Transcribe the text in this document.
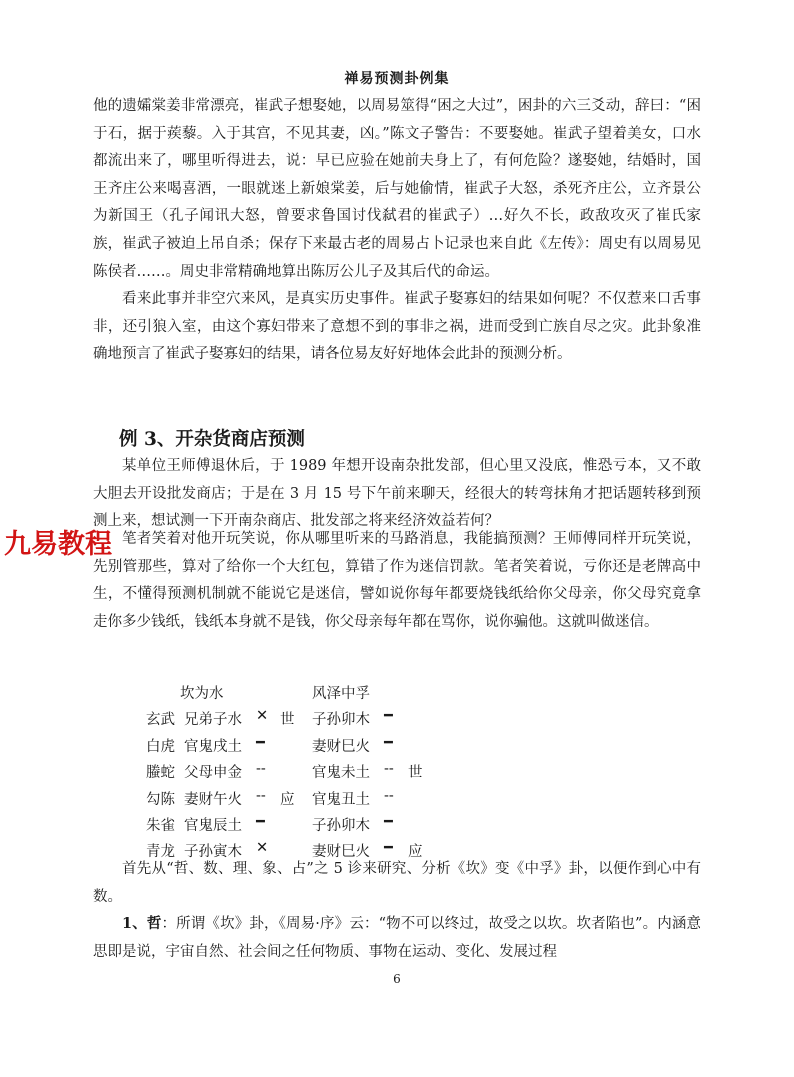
禅易预测卦例集

他的遗孀棠姜非常漂亮，崔武子想娶她，以周易筮得“困之大过”，困卦的六三爻动，辞曰：“困于石，据于蒺藜。入于其宫，不见其妻，凶。”陈文子警告：不要娶她。崔武子望着美女，口水都流出来了，哪里听得进去，说：早已应验在她前夫身上了，有何危险？遂娶她，结婚时，国王齐庄公来喝喜酒，一眼就迷上新娘棠姜，后与她偷情，崔武子大怒，杀死齐庄公，立齐景公为新国王（孔子闻讯大怒，曾要求鲁国讨伐弑君的崔武子）…好久不长，政敌攻灭了崔氏家族，崔武子被迫上吊自杀；保存下来最古老的周易占卜记录也来自此《左传》：周史有以周易见陈侯者……。周史非常精确地算出陈厉公儿子及其后代的命运。

看来此事并非空穴来风，是真实历史事件。崔武子娶寡妇的结果如何呢？不仅惹来口舌事非，还引狼入室，由这个寡妇带来了意想不到的事非之祸，进而受到亡族自尽之灾。此卦象准确地预言了崔武子娶寡妇的结果，请各位易友好好地体会此卦的预测分析。

例 3、开杂货商店预测

某单位王师傅退休后，于 1989 年想开设南杂批发部，但心里又没底，惟恐亏本，又不敢大胆去开设批发商店；于是在 3 月 15 号下午前来聊天，经很大的转弯抹角才把话题转移到预测上来，想试测一下开南杂商店、批发部之将来经济效益若何？

笔者笑着对他开玩笑说，你从哪里听来的马路消息，我能搞预测？王师傅同样开玩笑说，先别管那些，算对了给你一个大红包，算错了作为迷信罚款。笔者笑着说，亏你还是老牌高中生，不懂得预测机制就不能说它是迷信，譬如说你每年都要烧钱纸给你父母亲，你父母究竟拿走你多少钱纸，钱纸本身就不是钱，你父母亲每年都在骂你，说你骗他。这就叫做迷信。

九易教程
坎为水	风泽中孚
玄武 兄弟子水 ✕ 世 子孙卯木 ━
白虎 官鬼戌土 ━	妻财巳火 ━
螣蛇 父母申金 --	官鬼未土 -- 世
勾陈 妻财午火 -- 应 官鬼丑土 --
朱雀 官鬼辰土 ━	子孙卯木 ━
青龙 子孙寅木 ✕	妻财巳火 ━ 应

首先从“哲、数、理、象、占”之 5 诊来研究、分析《坎》变《中孚》卦，以便作到心中有数。

1、哲：所谓《坎》卦，《周易·序》云：“物不可以终过，故受之以坎。坎者陷也”。内涵意思即是说，宇宙自然、社会间之任何物质、事物在运动、变化、发展过程

6
